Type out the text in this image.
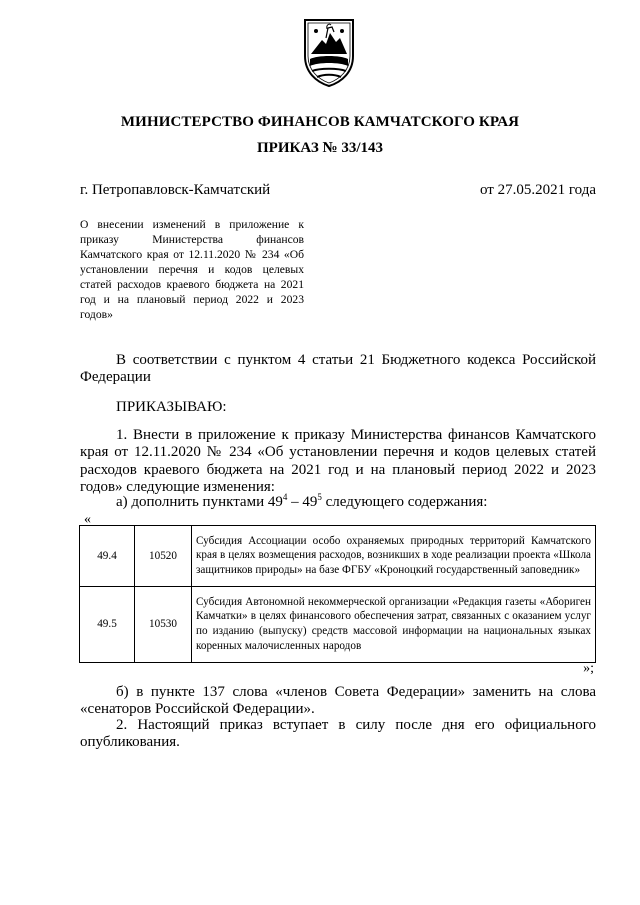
МИНИСТЕРСТВО ФИНАНСОВ КАМЧАТСКОГО КРАЯ
ПРИКАЗ № 33/143
г. Петропавловск-Камчатский	от 27.05.2021 года
О внесении изменений в приложение к приказу Министерства финансов Камчатского края от 12.11.2020 № 234 «Об установлении перечня и кодов целевых статей расходов краевого бюджета на 2021 год и на плановый период 2022 и 2023 годов»
В соответствии с пунктом 4 статьи 21 Бюджетного кодекса Российской Федерации
ПРИКАЗЫВАЮ:
1. Внести в приложение к приказу Министерства финансов Камчатского края от 12.11.2020 № 234 «Об установлении перечня и кодов целевых статей расходов краевого бюджета на 2021 год и на плановый период 2022 и 2023 годов» следующие изменения:
а) дополнить пунктами $49^4 - 49^5$ следующего содержания:
«
49.4	10520	Субсидия Ассоциации особо охраняемых природных территорий Камчатского края в целях возмещения расходов, возникших в ходе реализации проекта «Школа защитников природы» на базе ФГБУ «Кроноцкий государственный заповедник»
49.5	10530	Субсидия Автономной некоммерческой организации «Редакция газеты «Абориген Камчатки» в целях финансового обеспечения затрат, связанных с оказанием услуг по изданию (выпуску) средств массовой информации на национальных языках коренных малочисленных народов
»;
б) в пункте 137 слова «членов Совета Федерации» заменить на слова «сенаторов Российской Федерации».
2. Настоящий приказ вступает в силу после дня его официального опубликования.
